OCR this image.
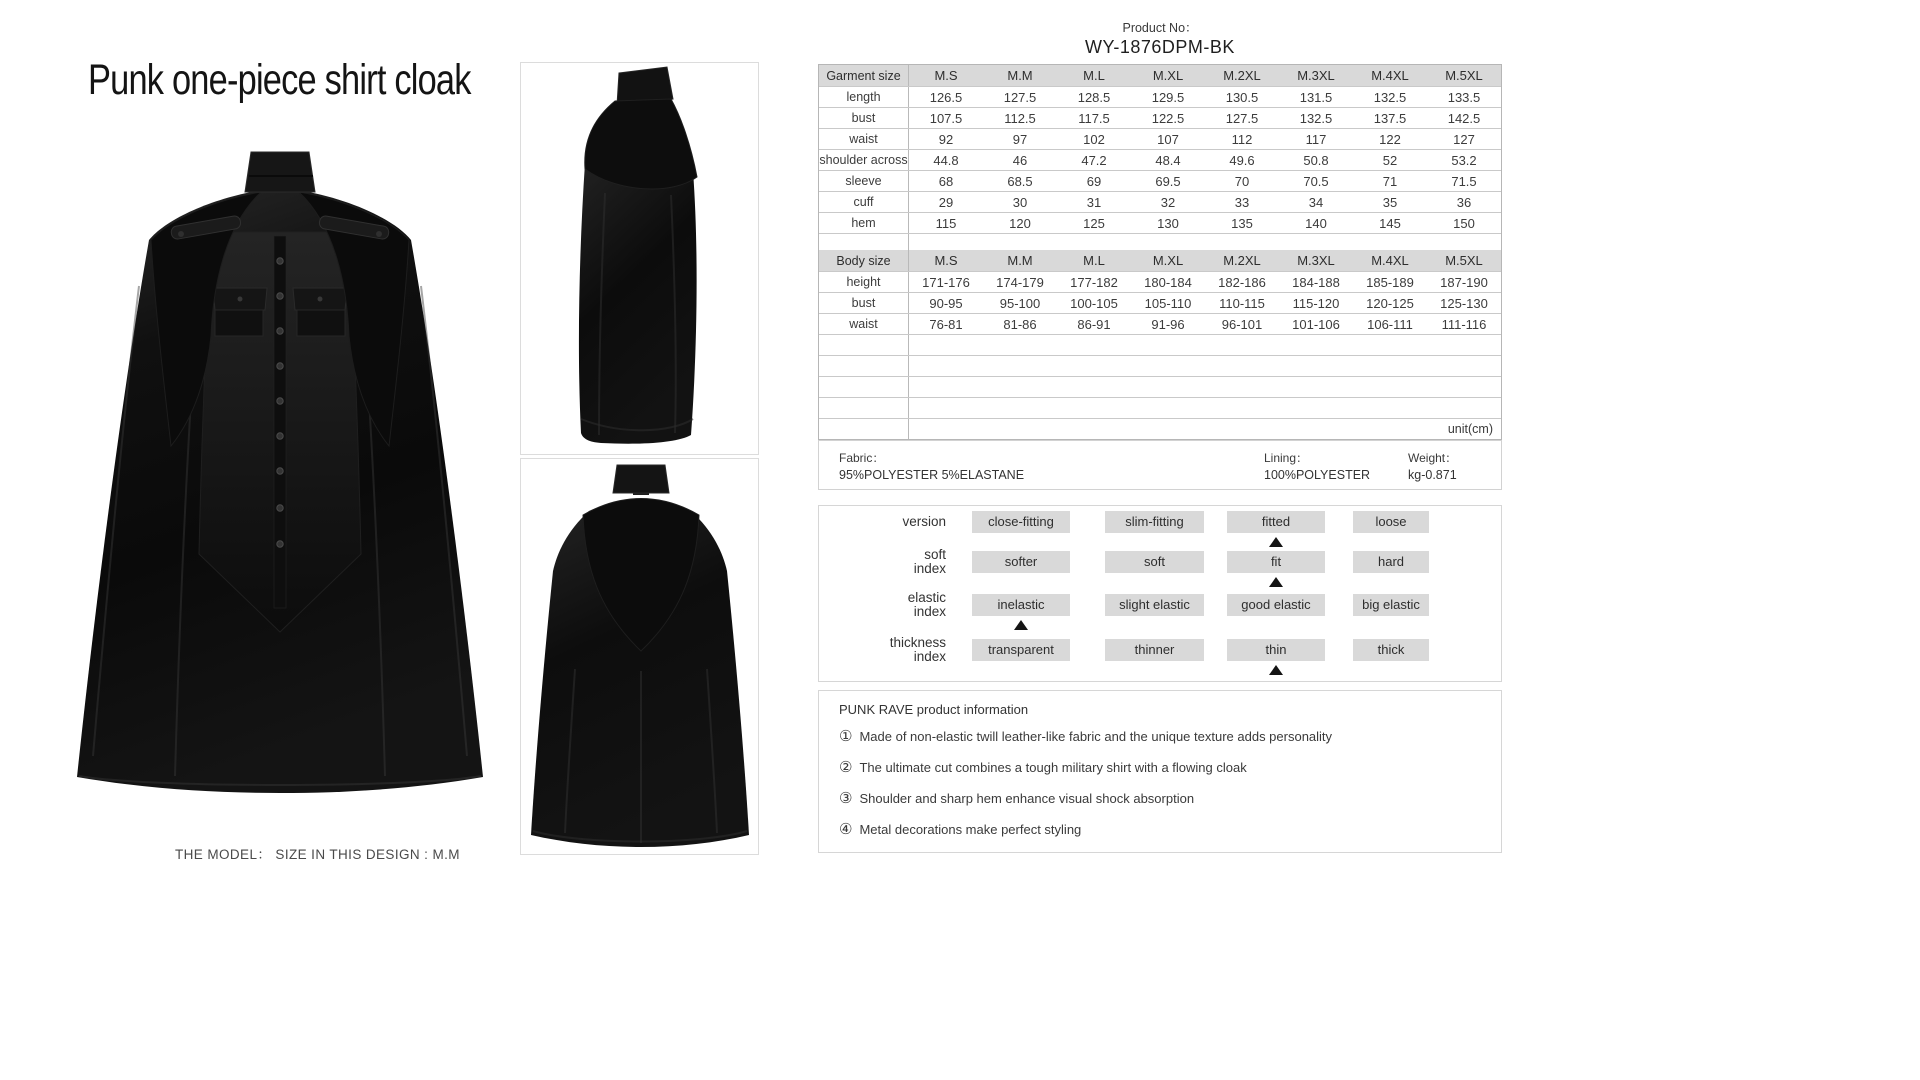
Punk one-piece shirt cloak
THE MODEL： SIZE IN THIS DESIGN : M.M
Product No：
WY-1876DPM-BK
Garment size	M.S	M.M	M.L	M.XL	M.2XL	M.3XL	M.4XL	M.5XL
length	126.5	127.5	128.5	129.5	130.5	131.5	132.5	133.5
bust	107.5	112.5	117.5	122.5	127.5	132.5	137.5	142.5
waist	92	97	102	107	112	117	122	127
shoulder across	44.8	46	47.2	48.4	49.6	50.8	52	53.2
sleeve	68	68.5	69	69.5	70	70.5	71	71.5
cuff	29	30	31	32	33	34	35	36
hem	115	120	125	130	135	140	145	150
Body size	M.S	M.M	M.L	M.XL	M.2XL	M.3XL	M.4XL	M.5XL
height	171-176	174-179	177-182	180-184	182-186	184-188	185-189	187-190
bust	90-95	95-100	100-105	105-110	110-115	115-120	120-125	125-130
waist	76-81	81-86	86-91	91-96	96-101	101-106	106-111	111-116
unit(cm)
Fabric：
95%POLYESTER 5%ELASTANE
Lining：
100%POLYESTER
Weight：
kg-0.871
version	close-fitting	slim-fitting	fitted	loose
soft
index	softer	soft	fit	hard
elastic
index	inelastic	slight elastic	good elastic	big elastic
thickness
index	transparent	thinner	thin	thick
PUNK RAVE product information
① Made of non-elastic twill leather-like fabric and the unique texture adds personality
② The ultimate cut combines a tough military shirt with a flowing cloak
③ Shoulder and sharp hem enhance visual shock absorption
④ Metal decorations make perfect styling
